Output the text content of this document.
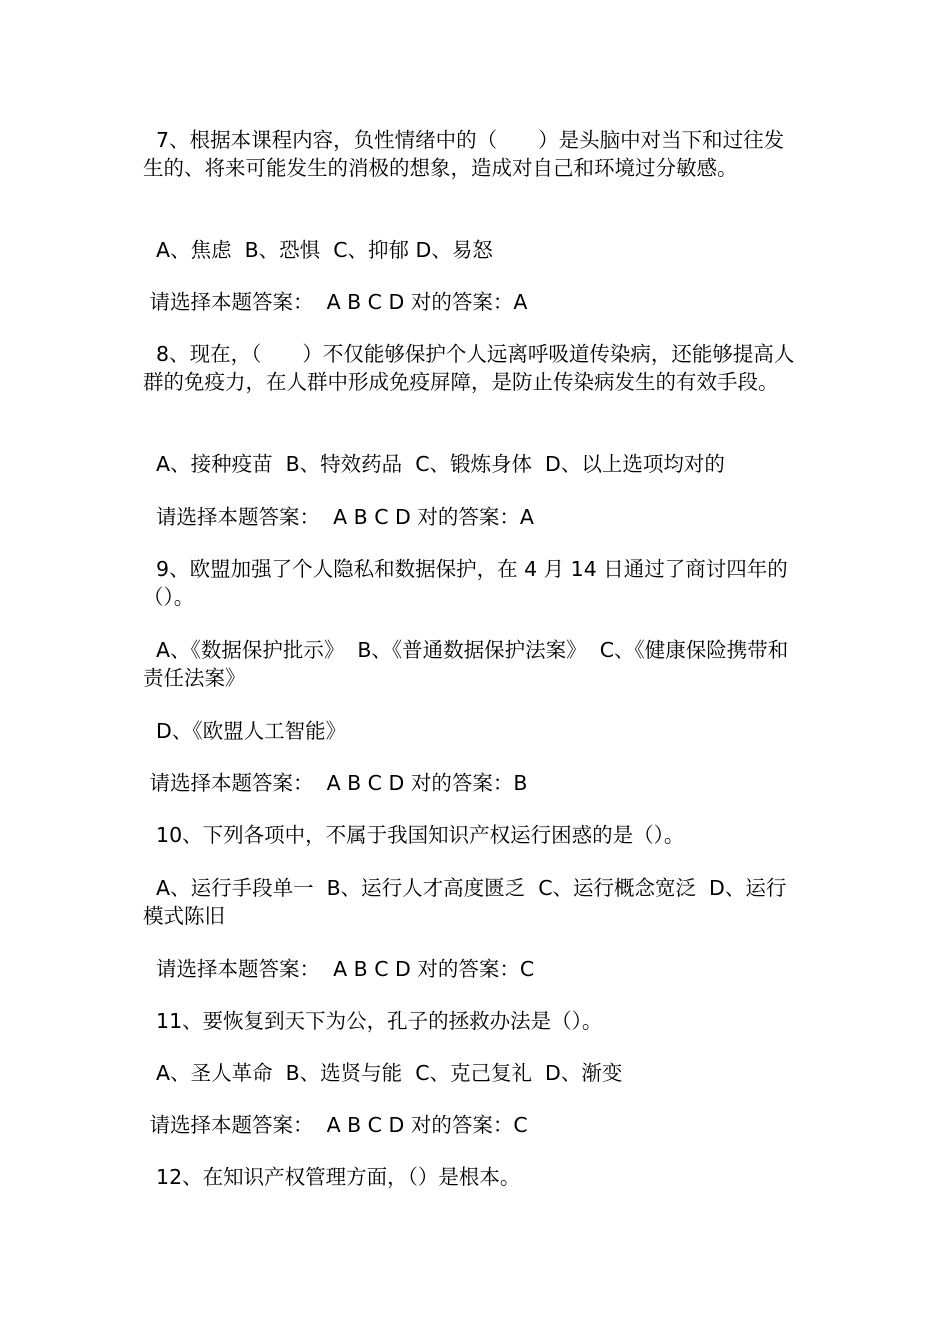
7、根据本课程内容，负性情绪中的（　　）是头脑中对当下和过往发生的、将来可能发生的消极的想象，造成对自己和环境过分敏感。

A、焦虑  B、恐惧  C、抑郁 D、易怒

请选择本题答案：  A B C D 对的答案：A

8、现在，（　　）不仅能够保护个人远离呼吸道传染病，还能够提高人群的免疫力，在人群中形成免疫屏障，是防止传染病发生的有效手段。

A、接种疫苗  B、特效药品  C、锻炼身体  D、以上选项均对的

请选择本题答案：  A B C D 对的答案：A

9、欧盟加强了个人隐私和数据保护，在 4 月 14 日通过了商讨四年的（）。

A、《数据保护批示》  B、《普通数据保护法案》  C、《健康保险携带和责任法案》

D、《欧盟人工智能》

请选择本题答案：  A B C D 对的答案：B

10、下列各项中，不属于我国知识产权运行困惑的是（）。

A、运行手段单一  B、运行人才高度匮乏  C、运行概念宽泛  D、运行模式陈旧

请选择本题答案：  A B C D 对的答案：C

11、要恢复到天下为公，孔子的拯救办法是（）。

A、圣人革命  B、选贤与能  C、克己复礼  D、渐变

请选择本题答案：  A B C D 对的答案：C

12、在知识产权管理方面，（）是根本。
